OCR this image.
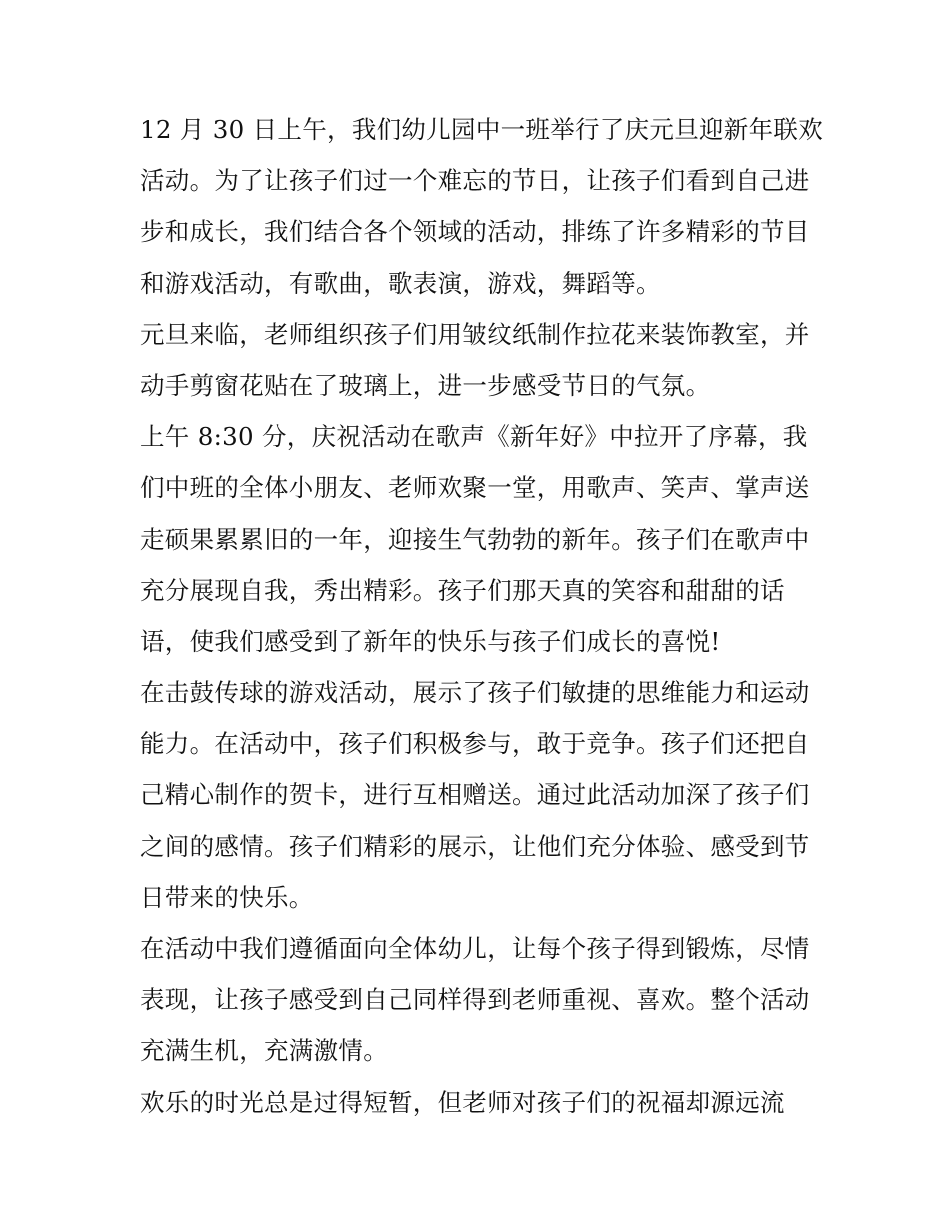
12 月 30 日上午，我们幼儿园中一班举行了庆元旦迎新年联欢
活动。为了让孩子们过一个难忘的节日，让孩子们看到自己进
步和成长，我们结合各个领域的活动，排练了许多精彩的节目
和游戏活动，有歌曲，歌表演，游戏，舞蹈等。
元旦来临，老师组织孩子们用皱纹纸制作拉花来装饰教室，并
动手剪窗花贴在了玻璃上，进一步感受节日的气氛。
上午 8:30 分，庆祝活动在歌声《新年好》中拉开了序幕，我
们中班的全体小朋友、老师欢聚一堂，用歌声、笑声、掌声送
走硕果累累旧的一年，迎接生气勃勃的新年。孩子们在歌声中
充分展现自我，秀出精彩。孩子们那天真的笑容和甜甜的话
语，使我们感受到了新年的快乐与孩子们成长的喜悦!
在击鼓传球的游戏活动，展示了孩子们敏捷的思维能力和运动
能力。在活动中，孩子们积极参与，敢于竞争。孩子们还把自
己精心制作的贺卡，进行互相赠送。通过此活动加深了孩子们
之间的感情。孩子们精彩的展示，让他们充分体验、感受到节
日带来的快乐。
在活动中我们遵循面向全体幼儿，让每个孩子得到锻炼，尽情
表现，让孩子感受到自己同样得到老师重视、喜欢。整个活动
充满生机，充满激情。
欢乐的时光总是过得短暂，但老师对孩子们的祝福却源远流
